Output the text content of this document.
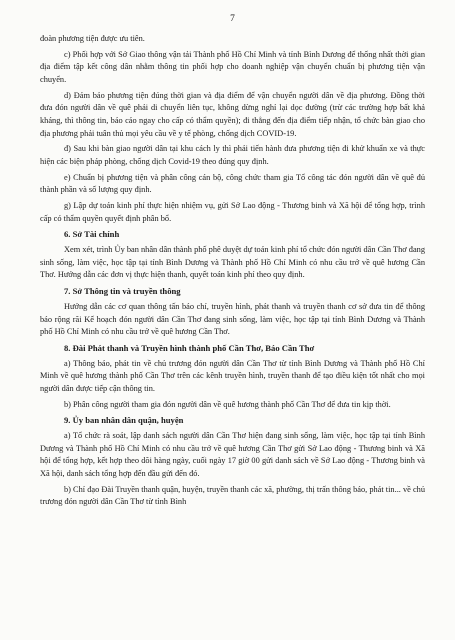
7
đoàn phương tiện được ưu tiên.
c) Phối hợp với Sở Giao thông vận tải Thành phố Hồ Chí Minh và tỉnh Bình Dương để thống nhất thời gian địa điểm tập kết công dân nhằm thông tin phối hợp cho doanh nghiệp vận chuyển chuẩn bị phương tiện vận chuyển.
d) Đảm bảo phương tiện đúng thời gian và địa điểm để vận chuyển người dân về địa phương. Đồng thời đưa đón người dân về quê phải di chuyển liên tục, không dừng nghỉ lại dọc đường (trừ các trường hợp bất khả kháng, thì thông tin, báo cáo ngay cho cấp có thẩm quyền); đi thẳng đến địa điểm tiếp nhận, tổ chức bàn giao cho địa phương phải tuân thủ mọi yêu cầu về y tế phòng, chống dịch COVID-19.
đ) Sau khi bàn giao người dân tại khu cách ly thì phải tiến hành đưa phương tiện đi khử khuẩn xe và thực hiện các biện pháp phòng, chống dịch Covid-19 theo đúng quy định.
e) Chuẩn bị phương tiện và phân công cán bộ, công chức tham gia Tổ công tác đón người dân về quê đủ thành phần và số lượng quy định.
g) Lập dự toán kinh phí thực hiện nhiệm vụ, gửi Sở Lao động - Thương binh và Xã hội để tổng hợp, trình cấp có thẩm quyền quyết định phân bổ.
6. Sở Tài chính
Xem xét, trình Ủy ban nhân dân thành phố phê duyệt dự toán kinh phí tổ chức đón người dân Cần Thơ đang sinh sống, làm việc, học tập tại tỉnh Bình Dương và Thành phố Hồ Chí Minh có nhu cầu trở về quê hương Cần Thơ. Hướng dẫn các đơn vị thực hiện thanh, quyết toán kinh phí theo quy định.
7. Sở Thông tin và truyền thông
Hướng dẫn các cơ quan thông tấn báo chí, truyền hình, phát thanh và truyền thanh cơ sở đưa tin để thông báo rộng rãi Kế hoạch đón người dân Cần Thơ đang sinh sống, làm việc, học tập tại tỉnh Bình Dương và Thành phố Hồ Chí Minh có nhu cầu trở về quê hương Cần Thơ.
8. Đài Phát thanh và Truyền hình thành phố Cần Thơ, Báo Cần Thơ
a) Thông báo, phát tin về chủ trương đón người dân Cần Thơ từ tỉnh Bình Dương và Thành phố Hồ Chí Minh về quê hương thành phố Cần Thơ trên các kênh truyền hình, truyền thanh để tạo điều kiện tốt nhất cho mọi người dân được tiếp cận thông tin.
b) Phân công người tham gia đón người dân về quê hương thành phố Cần Thơ để đưa tin kịp thời.
9. Ủy ban nhân dân quận, huyện
a) Tổ chức rà soát, lập danh sách người dân Cần Thơ hiện đang sinh sống, làm việc, học tập tại tỉnh Bình Dương và Thành phố Hồ Chí Minh có nhu cầu trở về quê hương Cần Thơ gửi Sở Lao động - Thương binh và Xã hội để tổng hợp, kết hợp theo dõi hàng ngày, cuối ngày 17 giờ 00 gửi danh sách về Sở Lao động - Thương binh và Xã hội, danh sách tổng hợp đến đầu gửi đến đó.
b) Chỉ đạo Đài Truyền thanh quận, huyện, truyền thanh các xã, phường, thị trấn thông báo, phát tin... về chủ trương đón người dân Cần Thơ từ tỉnh Bình
